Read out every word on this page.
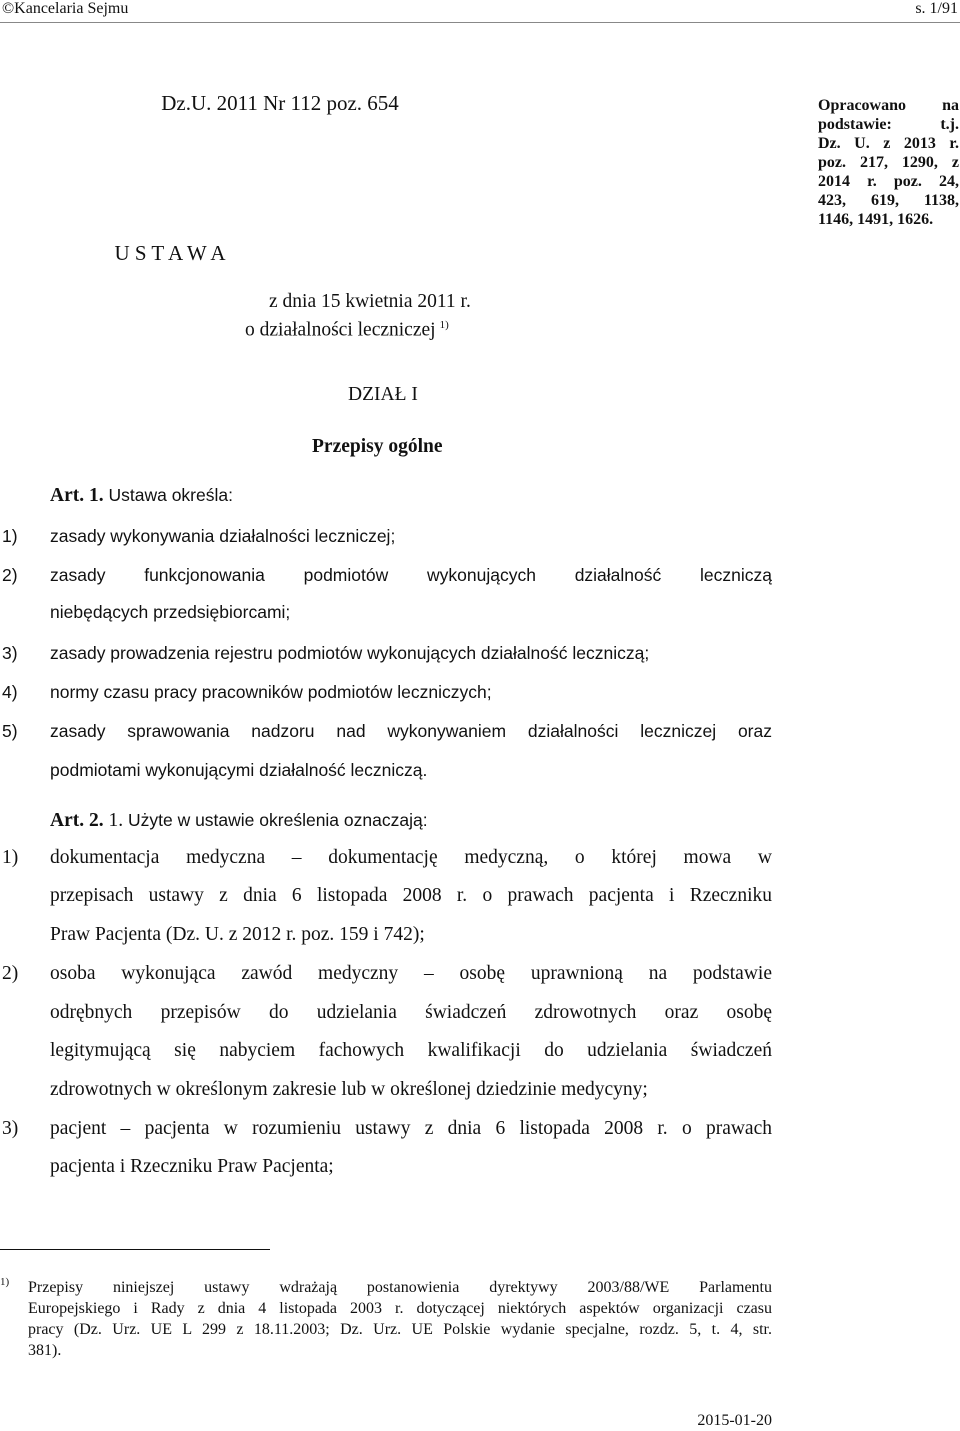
©Kancelaria Sejmu	s. 1/91
Dz.U. 2011 Nr 112 poz. 654
U S T A W A
z dnia 15 kwietnia 2011 r.
o działalności leczniczej $^{1)}$
Opracowano na
podstawie: t.j.
Dz. U. z 2013 r.
poz. 217, 1290, z
2014 r. poz. 24,
423, 619, 1138,
1146, 1491, 1626.
DZIAŁ I
Przepisy ogólne
Art. 1. Ustawa określa:
1) zasady wykonywania działalności leczniczej;
2) zasady funkcjonowania podmiotów wykonujących działalność leczniczą
niebędących przedsiębiorcami;
3) zasady prowadzenia rejestru podmiotów wykonujących działalność leczniczą;
4) normy czasu pracy pracowników podmiotów leczniczych;
5) zasady sprawowania nadzoru nad wykonywaniem działalności leczniczej oraz
podmiotami wykonującymi działalność leczniczą.
Art. 2. 1. Użyte w ustawie określenia oznaczają:
1) dokumentacja medyczna – dokumentację medyczną, o której mowa w
przepisach ustawy z dnia 6 listopada 2008 r. o prawach pacjenta i Rzeczniku
Praw Pacjenta (Dz. U. z 2012 r. poz. 159 i 742);
2) osoba wykonująca zawód medyczny – osobę uprawnioną na podstawie
odrębnych przepisów do udzielania świadczeń zdrowotnych oraz osobę
legitymującą się nabyciem fachowych kwalifikacji do udzielania świadczeń
zdrowotnych w określonym zakresie lub w określonej dziedzinie medycyny;
3) pacjent – pacjenta w rozumieniu ustawy z dnia 6 listopada 2008 r. o prawach
pacjenta i Rzeczniku Praw Pacjenta;
1) Przepisy niniejszej ustawy wdrażają postanowienia dyrektywy 2003/88/WE Parlamentu
Europejskiego i Rady z dnia 4 listopada 2003 r. dotyczącej niektórych aspektów organizacji czasu
pracy (Dz. Urz. UE L 299 z 18.11.2003; Dz. Urz. UE Polskie wydanie specjalne, rozdz. 5, t. 4, str.
381).
2015-01-20
